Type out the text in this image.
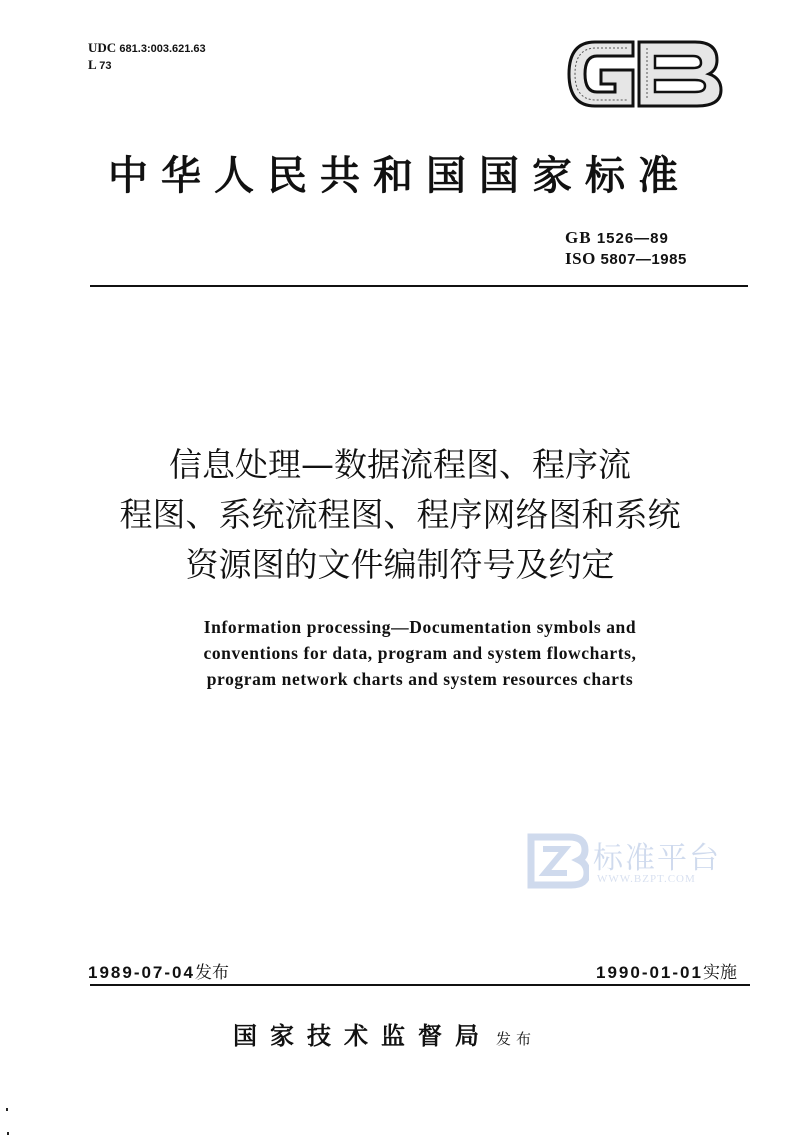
UDC 681.3:003.621.63
L 73
中华人民共和国国家标准
GB 1526—89
ISO 5807—1985
信息处理—数据流程图、程序流
程图、系统流程图、程序网络图和系统
资源图的文件编制符号及约定
Information processing—Documentation symbols and
conventions for data, program and system flowcharts,
program network charts and system resources charts
标准平台
WWW.BZPT.COM
1989-07-04发布	1990-01-01实施
国家技术监督局 发布
